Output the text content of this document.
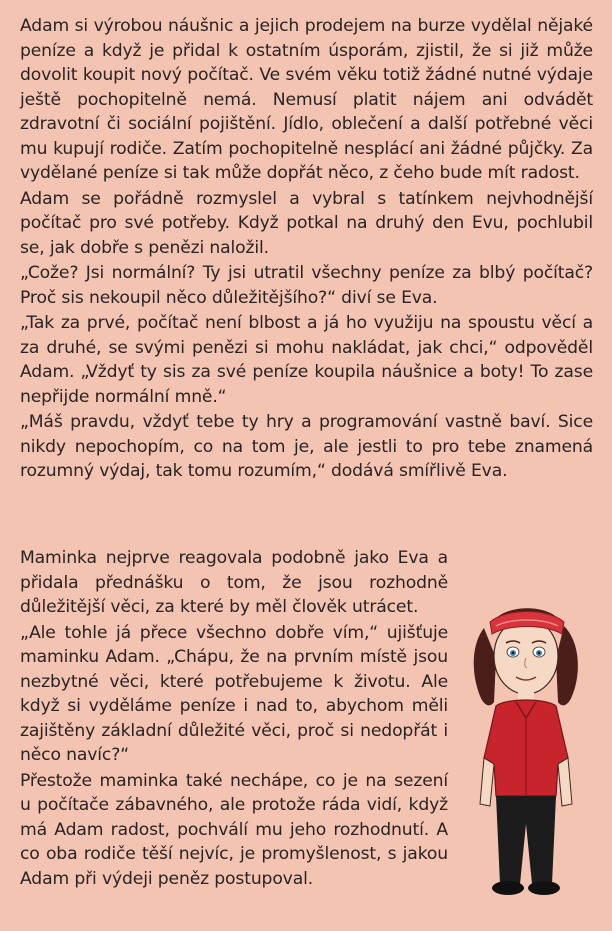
Adam si výrobou náušnic a jejich prodejem na burze vydělal nějaké peníze a když je přidal k ostatním úsporám, zjistil, že si již může dovolit koupit nový počítač. Ve svém věku totiž žádné nutné výdaje ještě pochopitelně nemá. Nemusí platit nájem ani odvádět zdravotní či sociální pojištění. Jídlo, oblečení a další potřebné věci mu kupují rodiče. Zatím pochopitelně nesplácí ani žádné půjčky. Za vydělané peníze si tak může dopřát něco, z čeho bude mít radost.

Adam se pořádně rozmyslel a vybral s tatínkem nejvhodnější počítač pro své potřeby. Když potkal na druhý den Evu, pochlubil se, jak dobře s penězi naložil.

„Cože? Jsi normální? Ty jsi utratil všechny peníze za blbý počítač? Proč sis nekoupil něco důležitějšího?“ diví se Eva.

„Tak za prvé, počítač není blbost a já ho využiju na spoustu věcí a za druhé, se svými penězi si mohu nakládat, jak chci,“ odpověděl Adam. „Vždyť ty sis za své peníze koupila náušnice a boty! To zase nepřijde normální mně.“

„Máš pravdu, vždyť tebe ty hry a programování vastně baví. Sice nikdy nepochopím, co na tom je, ale jestli to pro tebe znamená rozumný výdaj, tak tomu rozumím,“ dodává smířlivě Eva.

Maminka nejprve reagovala podobně jako Eva a přidala přednášku o tom, že jsou rozhodně důležitější věci, za které by měl člověk utrácet.

„Ale tohle já přece všechno dobře vím,“ ujišťuje maminku Adam. „Chápu, že na prvním místě jsou nezbytné věci, které potřebujeme k životu. Ale když si vyděláme peníze i nad to, abychom měli zajištěny základní důležité věci, proč si nedopřát i něco navíc?“

Přestože maminka také nechápe, co je na sezení u počítače zábavného, ale protože ráda vidí, když má Adam radost, pochválí mu jeho rozhodnutí. A co oba rodiče těší nejvíc, je promyšlenost, s jakou Adam při výdeji peněz postupoval.
